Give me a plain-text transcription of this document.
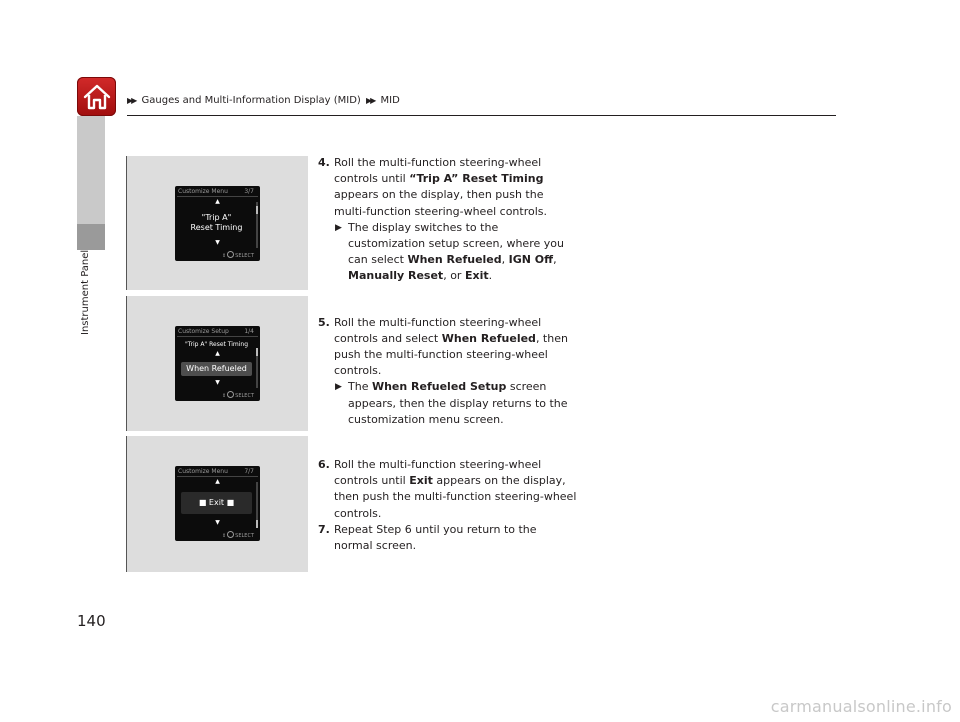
▶▶ Gauges and Multi-Information Display (MID) ▶▶ MID
Instrument Panel
Customize Menu	3/7
▲
"Trip A"
Reset Timing
▼
⇕ SELECT
Customize Setup	1/4
"Trip A" Reset Timing
▲
When Refueled
▼
⇕ SELECT
Customize Menu	7/7
▲
■ Exit ■
▼
⇕ SELECT
4. Roll the multi-function steering-wheel controls until “Trip A” Reset Timing appears on the display, then push the multi-function steering-wheel controls.
▶ The display switches to the customization setup screen, where you can select When Refueled, IGN Off, Manually Reset, or Exit.
5. Roll the multi-function steering-wheel controls and select When Refueled, then push the multi-function steering-wheel controls.
▶ The When Refueled Setup screen appears, then the display returns to the customization menu screen.
6. Roll the multi-function steering-wheel controls until Exit appears on the display, then push the multi-function steering-wheel controls.
7. Repeat Step 6 until you return to the normal screen.
140
carmanualsonline.info
